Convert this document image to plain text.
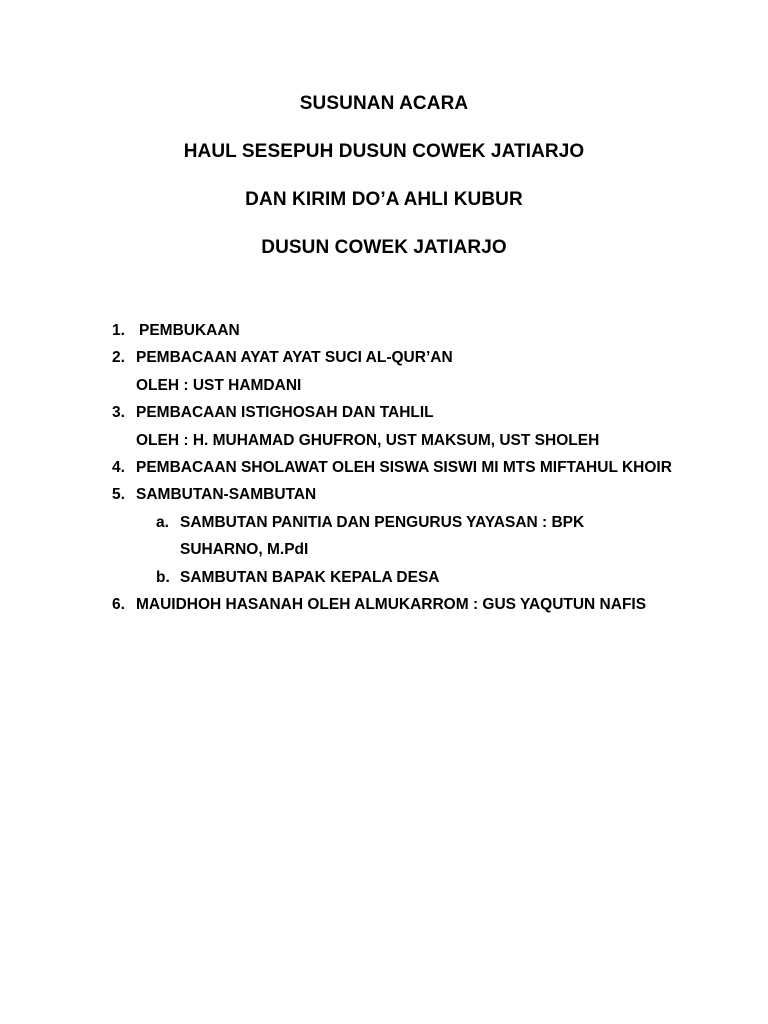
SUSUNAN ACARA
HAUL SESEPUH DUSUN COWEK JATIARJO
DAN KIRIM DO’A AHLI KUBUR
DUSUN COWEK JATIARJO
1. PEMBUKAAN
2. PEMBACAAN AYAT AYAT SUCI AL-QUR’AN
OLEH : UST HAMDANI
3. PEMBACAAN ISTIGHOSAH DAN TAHLIL
OLEH : H. MUHAMAD GHUFRON, UST MAKSUM, UST SHOLEH
4. PEMBACAAN SHOLAWAT OLEH SISWA SISWI MI MTS MIFTAHUL KHOIR
5. SAMBUTAN-SAMBUTAN
a. SAMBUTAN PANITIA DAN PENGURUS YAYASAN : BPK SUHARNO, M.PdI
b. SAMBUTAN BAPAK KEPALA DESA
6. MAUIDHOH HASANAH OLEH ALMUKARROM : GUS YAQUTUN NAFIS
